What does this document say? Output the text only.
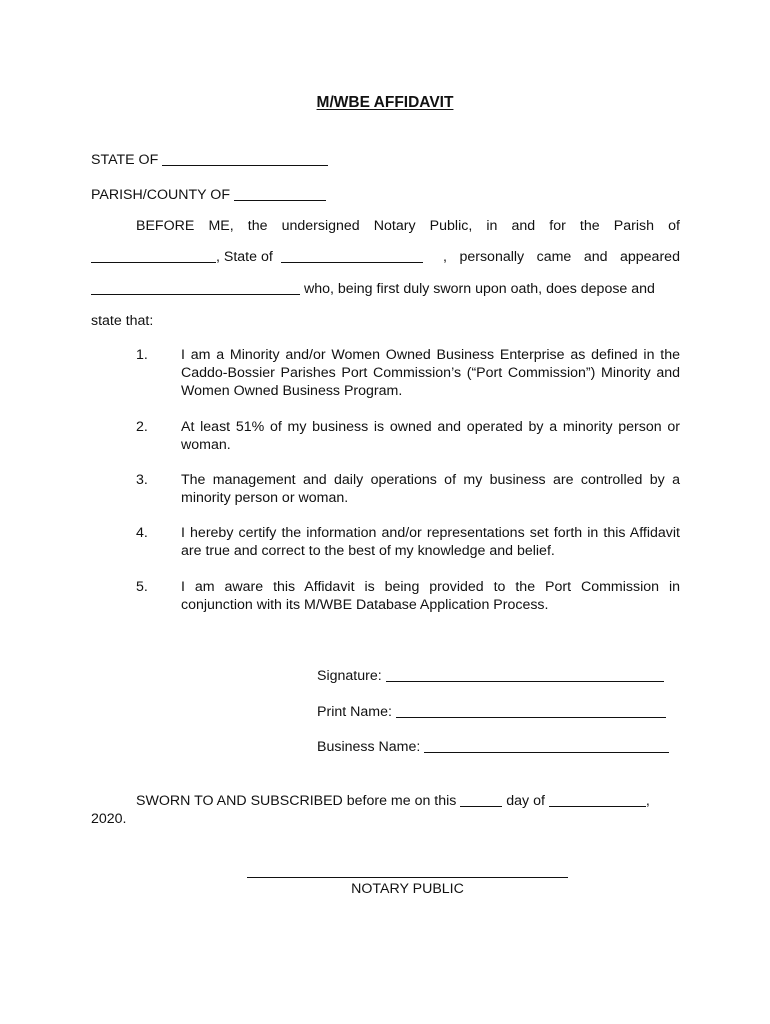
M/WBE AFFIDAVIT
STATE OF
PARISH/COUNTY OF
BEFORE ME, the undersigned Notary Public, in and for the Parish of
, State of	, personally came and appeared
who, being first duly sworn upon oath, does depose and
state that:
1.	I am a Minority and/or Women Owned Business Enterprise as defined in the Caddo-Bossier Parishes Port Commission’s (“Port Commission”) Minority and Women Owned Business Program.
2.	At least 51% of my business is owned and operated by a minority person or woman.
3.	The management and daily operations of my business are controlled by a minority person or woman.
4.	I hereby certify the information and/or representations set forth in this Affidavit are true and correct to the best of my knowledge and belief.
5.	I am aware this Affidavit is being provided to the Port Commission in conjunction with its M/WBE Database Application Process.
Signature:
Print Name:
Business Name:
SWORN TO AND SUBSCRIBED before me on this	day of	,
2020.
NOTARY PUBLIC
